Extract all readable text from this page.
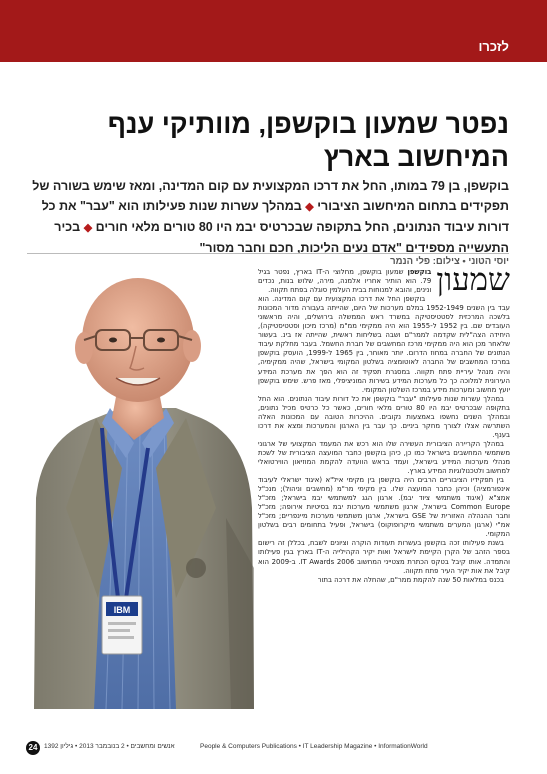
לזכרו
נפטר שמעון בוקשפן, מוותיקי ענף
המיחשוב בארץ
בוקשפן, בן 79 במותו, החל את דרכו המקצועית עם קום המדינה, ומאז שימש בשורה של תפקידים בתחום המיחשוב הציבורי ◆ במהלך עשרות שנות פעילותו הוא "עבר" את כל דורות עיבוד הנתונים, החל בתקופה שבכרטיס יבמ היו 80 טורים מלאי חורים ◆ בכיר התעשייה מספידים "אדם נעים הליכות, חכם וחבר מסור"
יוסי הטוני • צילום: פלי הנמר
IBM
שמעון

בוקשפן שמעון בוקשפן, מחלוצי ה-IT בארץ, נפטר בגיל 79. הוא הותיר אחריו אלמנה, מירה, שלוש בנות, נכדים ונינים, והובא למנוחות בבית העלמין סוגלה בפתח תקווה.

בוקשפן החל את דרכו המקצועית עם קום המדינה. הוא עבד בין השנים 1952-1949 במלם מערכות של היום, שהייתה בעבורה מדור המכונות בלשכה המרכזית לסטטיסטיקה במשרד ראש הממשלה בירושלים, והיה מראשוני העובדים שם. בין 1952 ל-1955 הוא היה ממקימי ממ"מ (מרכז מיכון וסטטיסטיקה), היחידה הצה"לית שקדמה לממר"ם ושבה בשליחות ראשית, שהייתה אז בינ. בעשור שלאחר מכן הוא היה ממקימי מרכז המחשבים של חברת החשמל. בעבר מחלקת עיבוד הנתונים של החברה במחוז הדרום. יותר מאוחר, בין 1965 ל-1999, הועסק בוקשפן במרכז המחשבים של החברה לאוטומציה בשלטון המקומי בישראל, שהיה ממקימיה, והיה מנהל עיריית פתח תקווה. במסגרת תפקיד זה הוא הפך את מערכת המידע העירונית למלוכה כך כל מערכות המידע בשירות המוניציפלי, מאז פרש. שימש בוקשפן יועץ מחשוב ומערכות מידע במרכז השלטון המקומי.

במהלך עשרות שנות פעילותו "עבר" בוקשפן את כל דורות עיבוד הנתונים. הוא החל בתקופה שבכרטיס יבמ היו 80 טורים מלאי חורים, כאשר כל כרטיס מכיל נתונים, ובמהלך השנים נחשפו באמצעות נקובים. ההיכרות הטובה עם המכונות האלה השתרשה אצלו לצורך מחקר ביניים. כך עבר בין הארגון והמערכות ומצא את דרכו בענף.

במהלך הקריירה הציבורית העשירה שלו הוא רכש את המעמד המקצועי של ארגוני משתמשי המחשבים בישראל כמו כן, כיהן בוקשפן כחבר המועצה הציבורית של לשכת מנהלי מערכות המידע בישראל, ועמד בראש הוועדה להקמת המוזיאון הווירטואלי למחשוב ולטכנולוגיות המידע בארץ.

בין תפקידיו הציבוריים הרבים היה בוקשפן בין מקימי איל"א (איגוד ישראלי לעיבוד אינפורמציה) וכיהן כחבר המועצה שלו. בין מקימי מר"מ (מחשבים וניהול); מנכ"ל אמצ"א (איגוד משתמשי ציוד יבמ). ארגון הגג למשתמשי יבמ בישראל; מזכ"ל Common Europe בישראל, ארגון משתמשי מערכות יבמ בסיטיות אירופה; מזכ"ל וחבר ההנהלה האזורית של GSE בישראל, ארגון משתמשי מערכות מיינפריים; מזכ"ל אמ"י (ארגון המערים משתמשי מיקרופוקוס) בישראל, ופעיל בתחומים רבים בשלטון המקומי.

בשנת פעילותו זכה בוקשפן בעשרות תעודות הוקרה וציונים לשבח, בכללן זה רישום בספר הזהב של הקרן הקיימת לישראל ואות יקיר הקהילייה ה-IT בארץ בגין פעילותו והתמדה. אותו קיבל בטקס הכתרת מצטייני המחשוב IT Awards 2006. ב-2009 הוא קיבל את אות יקיר העיר פתח תקווה.

בכנס במלאות 50 שנה להקמת ממר"ם, שהחלה את דרכה בתור

24	אנשים ומחשבים • 2 בנובמבר 2013 • גיליון 1392	People & Computers Publications • IT Leadership Magazine • InformationWorld
